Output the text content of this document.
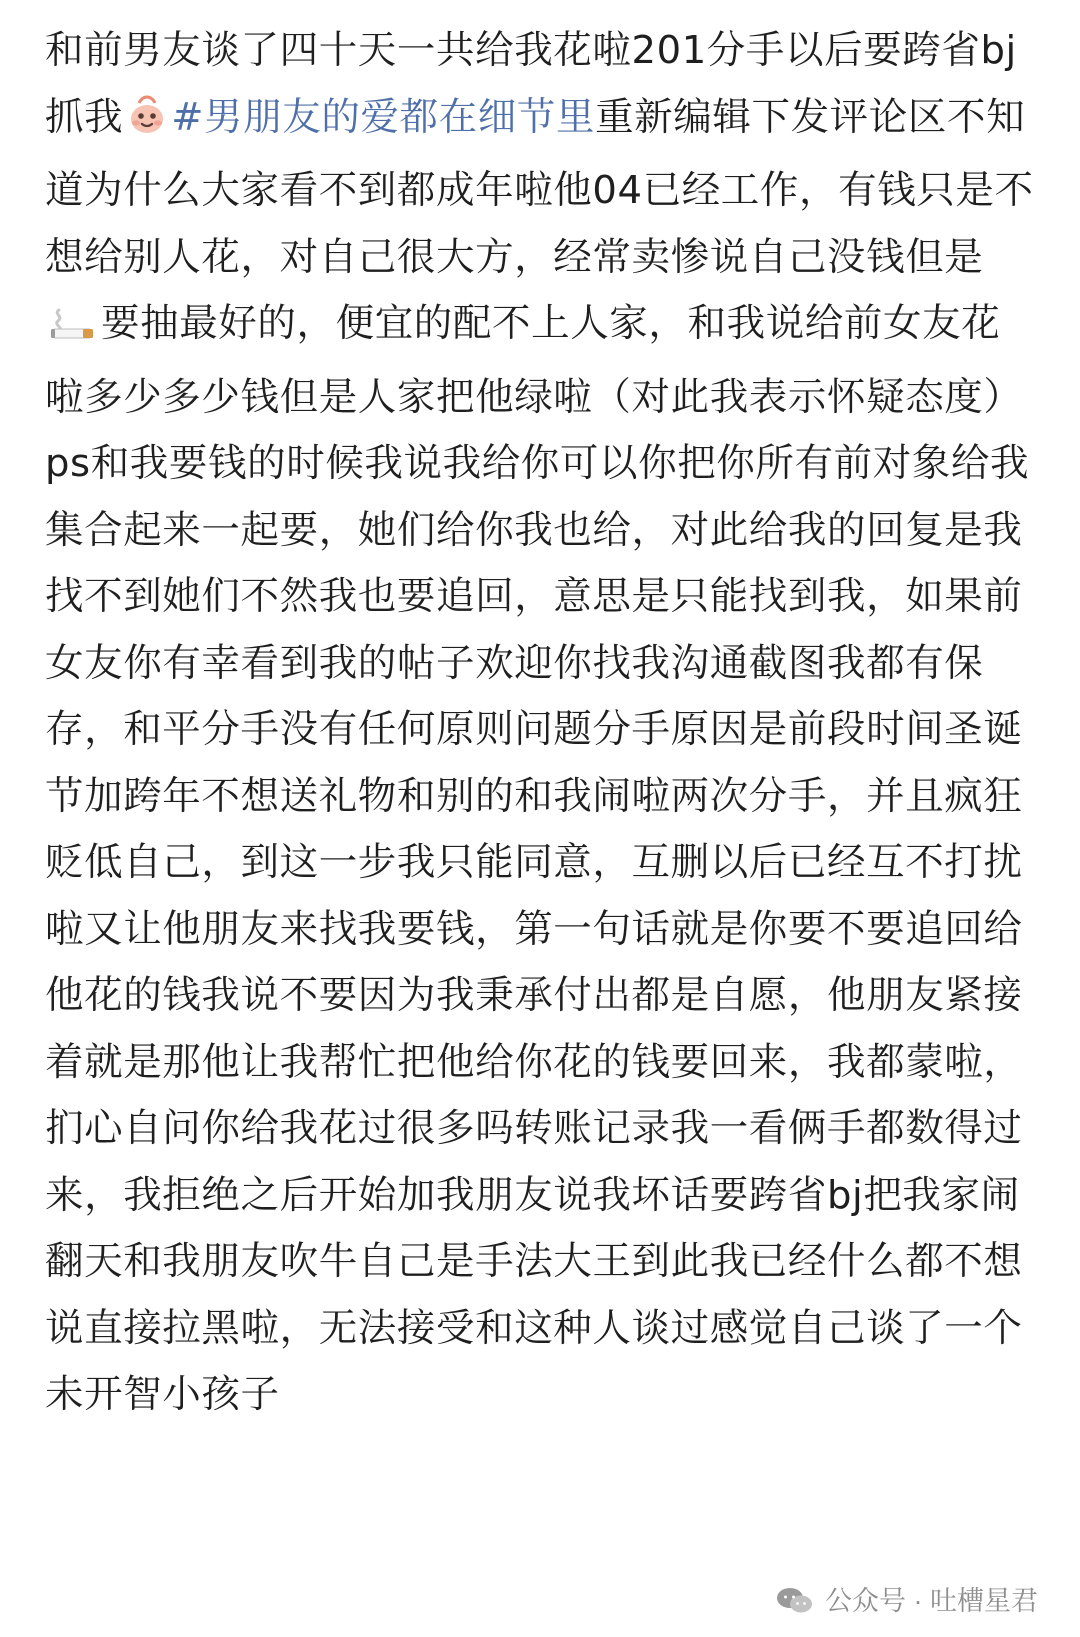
和前男友谈了四十天一共给我花啦201分手以后要跨省bj抓我 #男朋友的爱都在细节里重新编辑下发评论区不知道为什么大家看不到都成年啦他04已经工作，有钱只是不想给别人花，对自己很大方，经常卖惨说自己没钱但是要抽最好的，便宜的配不上人家，和我说给前女友花啦多少多少钱但是人家把他绿啦（对此我表示怀疑态度）ps和我要钱的时候我说我给你可以你把你所有前对象给我集合起来一起要，她们给你我也给，对此给我的回复是我找不到她们不然我也要追回，意思是只能找到我，如果前女友你有幸看到我的帖子欢迎你找我沟通截图我都有保存，和平分手没有任何原则问题分手原因是前段时间圣诞节加跨年不想送礼物和别的和我闹啦两次分手，并且疯狂贬低自己，到这一步我只能同意，互删以后已经互不打扰啦又让他朋友来找我要钱，第一句话就是你要不要追回给他花的钱我说不要因为我秉承付出都是自愿，他朋友紧接着就是那他让我帮忙把他给你花的钱要回来，我都蒙啦，扪心自问你给我花过很多吗转账记录我一看俩手都数得过来，我拒绝之后开始加我朋友说我坏话要跨省bj把我家闹翻天和我朋友吹牛自己是手法大王到此我已经什么都不想说直接拉黑啦，无法接受和这种人谈过感觉自己谈了一个未开智小孩子
公众号 · 吐槽星君
